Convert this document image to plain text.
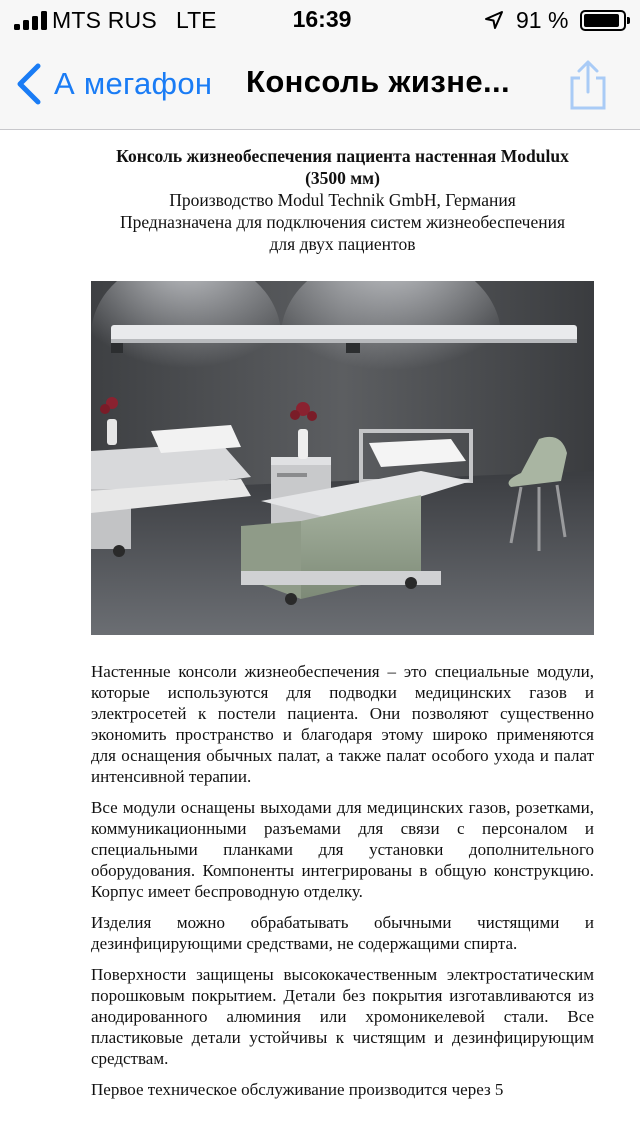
MTS RUS LTE	16:39	91 %
А мегафон Консоль жизне...
Консоль жизнеобеспечения пациента настенная Modulux
(3500 мм)
Производство Modul Technik GmbH, Германия
Предназначена для подключения систем жизнеобеспечения
для двух пациентов

Настенные консоли жизнеобеспечения – это специальные модули, которые используются для подводки медицинских газов и электросетей к постели пациента. Они позволяют существенно экономить пространство и благодаря этому широко применяются для оснащения обычных палат, а также палат особого ухода и палат интенсивной терапии.

Все модули оснащены выходами для медицинских газов, розетками, коммуникационными разъемами для связи с персоналом и специальными планками для установки дополнительного оборудования. Компоненты интегрированы в общую конструкцию. Корпус имеет беспроводную отделку.

Изделия можно обрабатывать обычными чистящими и дезинфицирующими средствами, не содержащими спирта.

Поверхности защищены высококачественным электростатическим порошковым покрытием. Детали без покрытия изготавливаются из анодированного алюминия или хромоникелевой стали. Все пластиковые детали устойчивы к чистящим и дезинфицирующим средствам.

Первое техническое обслуживание производится через 5
